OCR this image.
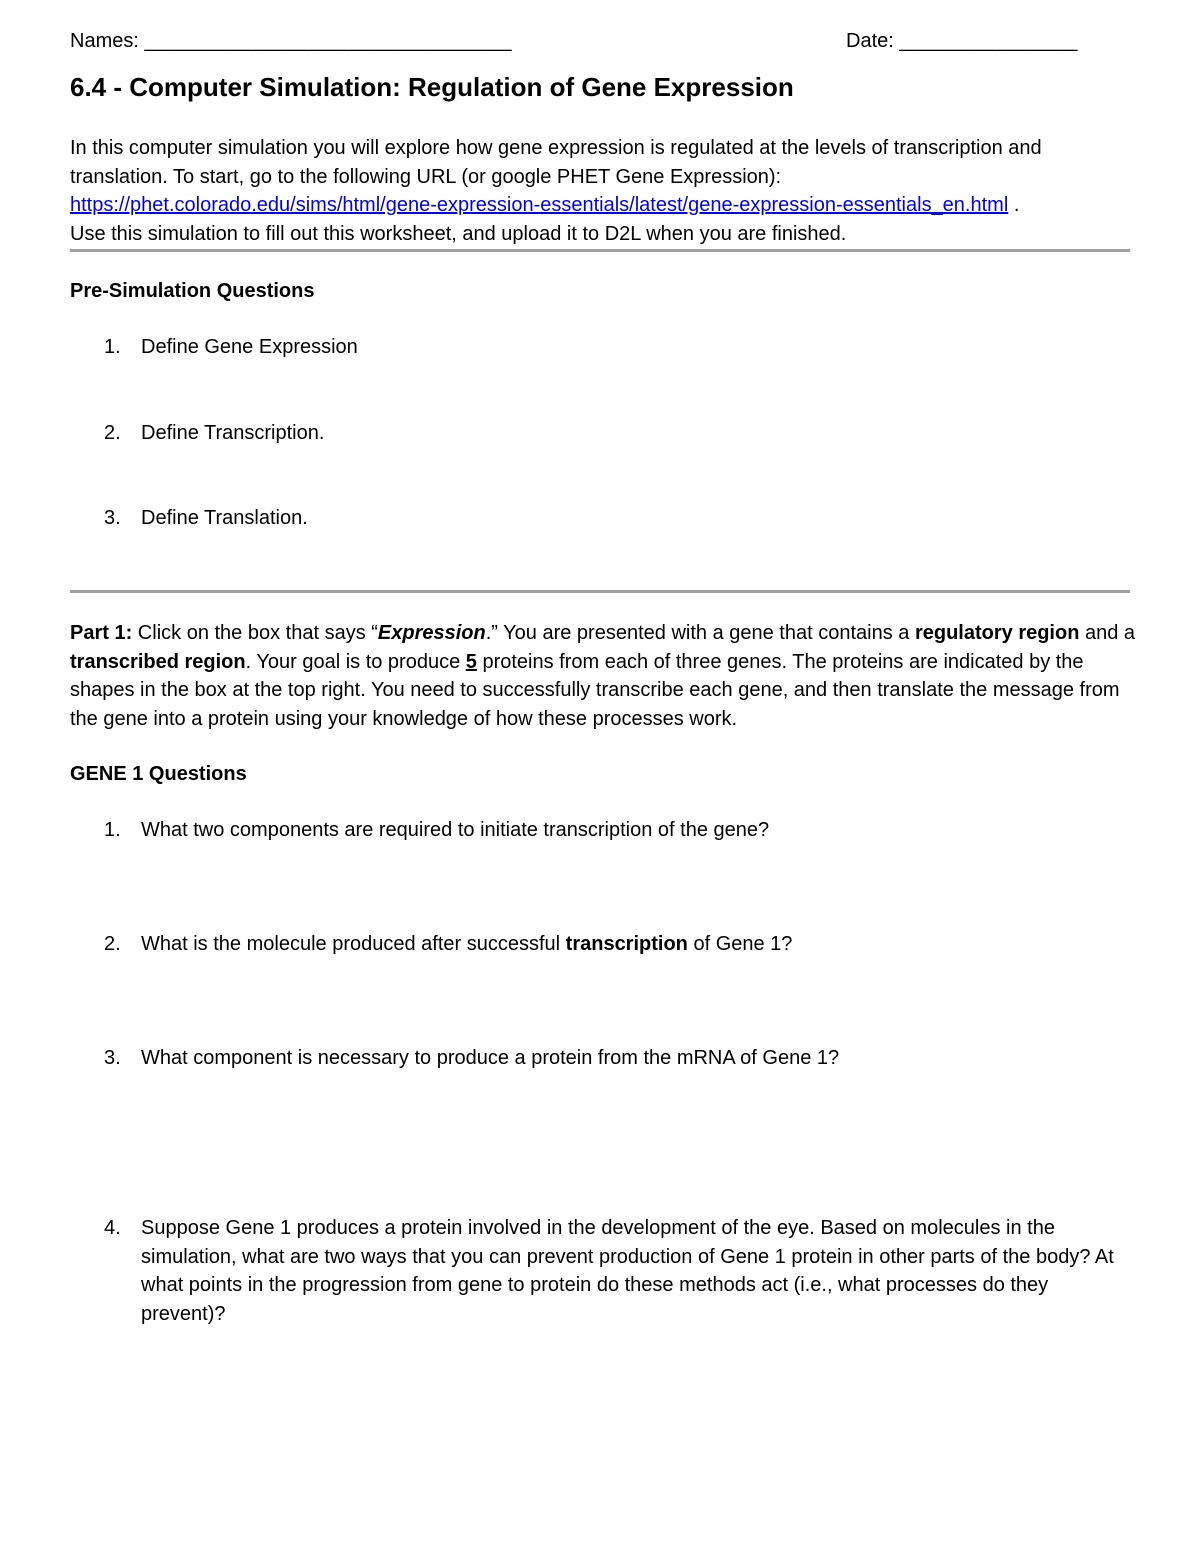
Names: _________________________________	Date: ________________
6.4 - Computer Simulation: Regulation of Gene Expression
In this computer simulation you will explore how gene expression is regulated at the levels of transcription and translation. To start, go to the following URL (or google PHET Gene Expression):
https://phet.colorado.edu/sims/html/gene-expression-essentials/latest/gene-expression-essentials_en.html .
Use this simulation to fill out this worksheet, and upload it to D2L when you are finished.
Pre-Simulation Questions
1. Define Gene Expression
2. Define Transcription.
3. Define Translation.
Part 1: Click on the box that says “Expression.” You are presented with a gene that contains a regulatory region and a transcribed region. Your goal is to produce 5 proteins from each of three genes. The proteins are indicated by the shapes in the box at the top right. You need to successfully transcribe each gene, and then translate the message from the gene into a protein using your knowledge of how these processes work.
GENE 1 Questions
1. What two components are required to initiate transcription of the gene?
2. What is the molecule produced after successful transcription of Gene 1?
3. What component is necessary to produce a protein from the mRNA of Gene 1?
4. Suppose Gene 1 produces a protein involved in the development of the eye. Based on molecules in the simulation, what are two ways that you can prevent production of Gene 1 protein in other parts of the body? At what points in the progression from gene to protein do these methods act (i.e., what processes do they prevent)?
